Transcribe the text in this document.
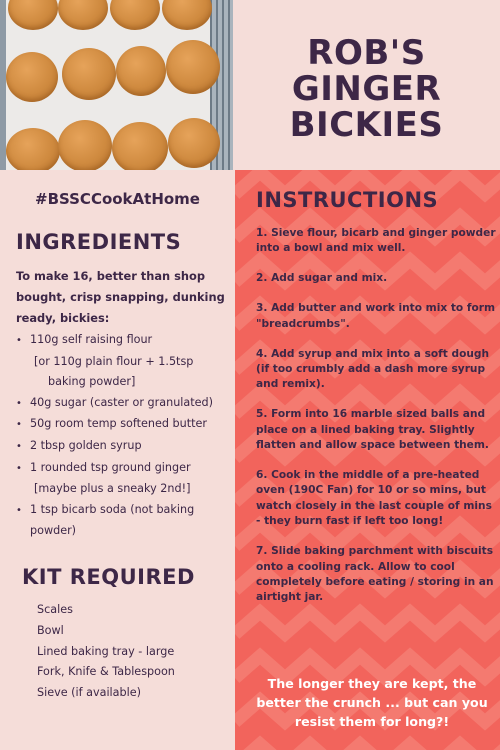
ROB'S
GINGER
BICKIES
#BSSCCookAtHome
INGREDIENTS
To make 16, better than shop bought, crisp snapping, dunking ready, bickies:
• 110g self raising flour
[or 110g plain flour + 1.5tsp
baking powder]
• 40g sugar (caster or granulated)
• 50g room temp softened butter
• 2 tbsp golden syrup
• 1 rounded tsp ground ginger
[maybe plus a sneaky 2nd!]
• 1 tsp bicarb soda (not baking
powder)
KIT REQUIRED
Scales
Bowl
Lined baking tray - large
Fork, Knife & Tablespoon
Sieve (if available)
INSTRUCTIONS

1. Sieve flour, bicarb and ginger powder into a bowl and mix well.

2. Add sugar and mix.

3. Add butter and work into mix to form "breadcrumbs".

4. Add syrup and mix into a soft dough (if too crumbly add a dash more syrup and remix).

5. Form into 16 marble sized balls and place on a lined baking tray. Slightly flatten and allow space between them.

6. Cook in the middle of a pre-heated oven (190C Fan) for 10 or so mins, but watch closely in the last couple of mins - they burn fast if left too long!

7. Slide baking parchment with biscuits onto a cooling rack. Allow to cool completely before eating / storing in an airtight jar.

The longer they are kept, the better the crunch ... but can you resist them for long?!
